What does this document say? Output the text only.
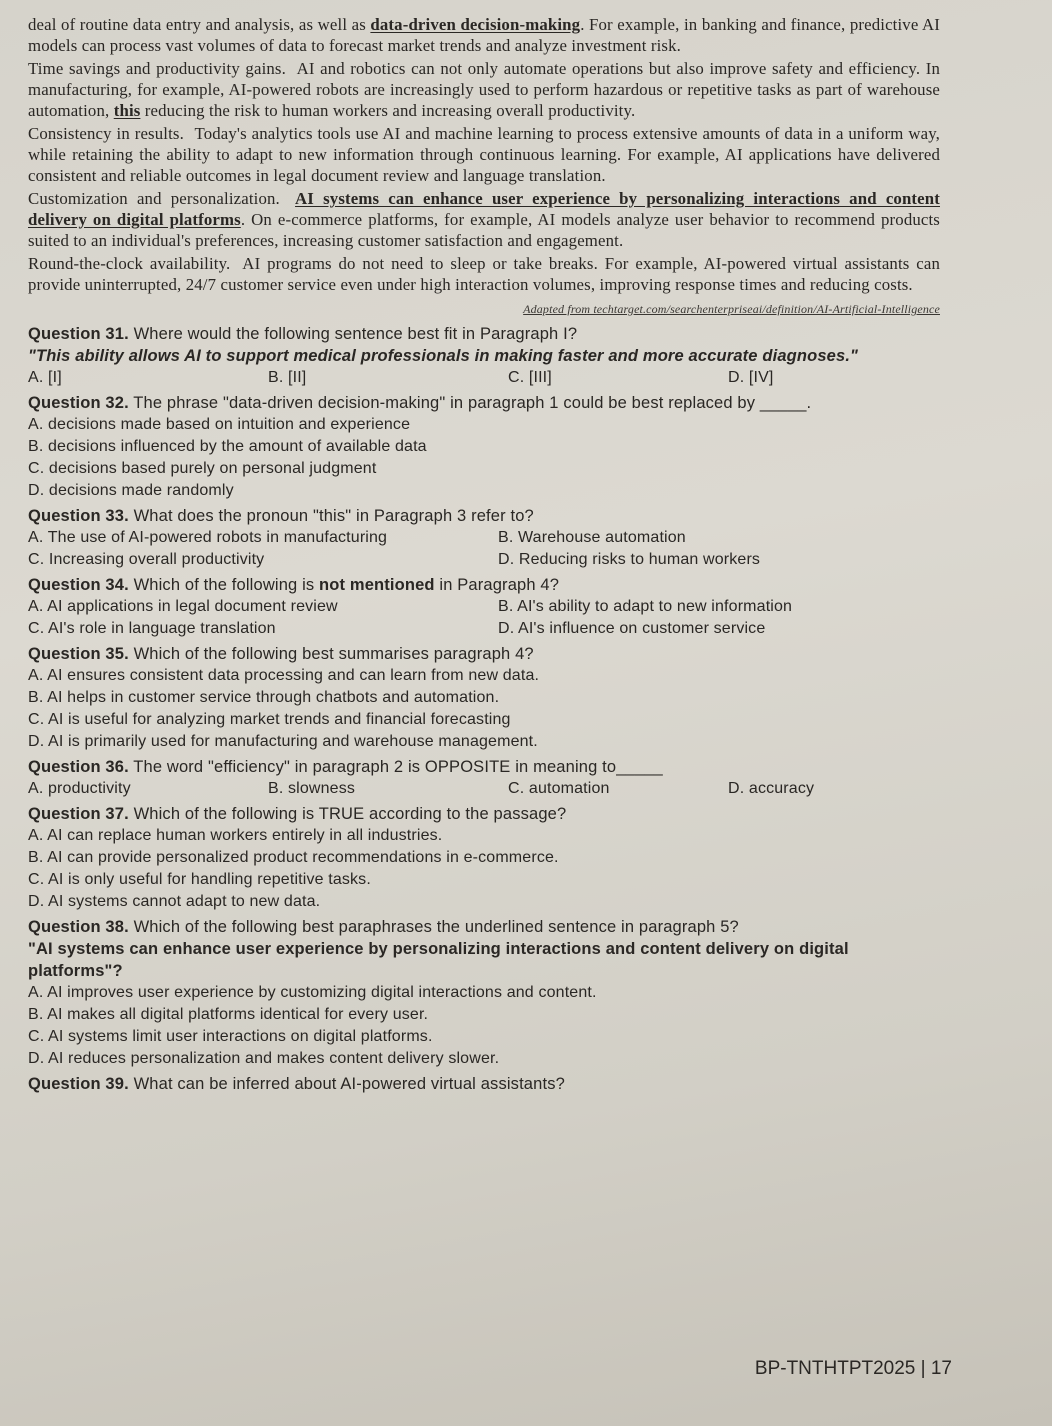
deal of routine data entry and analysis, as well as data-driven decision-making. For example, in banking and finance, predictive AI models can process vast volumes of data to forecast market trends and analyze investment risk.

Time savings and productivity gains. AI and robotics can not only automate operations but also improve safety and efficiency. In manufacturing, for example, AI-powered robots are increasingly used to perform hazardous or repetitive tasks as part of warehouse automation, this reducing the risk to human workers and increasing overall productivity.

Consistency in results. Today's analytics tools use AI and machine learning to process extensive amounts of data in a uniform way, while retaining the ability to adapt to new information through continuous learning. For example, AI applications have delivered consistent and reliable outcomes in legal document review and language translation.

Customization and personalization. AI systems can enhance user experience by personalizing interactions and content delivery on digital platforms. On e-commerce platforms, for example, AI models analyze user behavior to recommend products suited to an individual's preferences, increasing customer satisfaction and engagement.

Round-the-clock availability. AI programs do not need to sleep or take breaks. For example, AI-powered virtual assistants can provide uninterrupted, 24/7 customer service even under high interaction volumes, improving response times and reducing costs.

Adapted from techtarget.com/searchenterpriseai/definition/AI-Artificial-Intelligence
Question 31. Where would the following sentence best fit in Paragraph I?
"This ability allows AI to support medical professionals in making faster and more accurate diagnoses."
A. [I]	B. [II]	C. [III]	D. [IV]
Question 32. The phrase "data-driven decision-making" in paragraph 1 could be best replaced by _____.
A. decisions made based on intuition and experience
B. decisions influenced by the amount of available data
C. decisions based purely on personal judgment
D. decisions made randomly
Question 33. What does the pronoun "this" in Paragraph 3 refer to?
A. The use of AI-powered robots in manufacturing	B. Warehouse automation
C. Increasing overall productivity	D. Reducing risks to human workers
Question 34. Which of the following is not mentioned in Paragraph 4?
A. AI applications in legal document review	B. AI's ability to adapt to new information
C. AI's role in language translation	D. AI's influence on customer service
Question 35. Which of the following best summarises paragraph 4?
A. AI ensures consistent data processing and can learn from new data.
B. AI helps in customer service through chatbots and automation.
C. AI is useful for analyzing market trends and financial forecasting
D. AI is primarily used for manufacturing and warehouse management.
Question 36. The word "efficiency" in paragraph 2 is OPPOSITE in meaning to_____
A. productivity	B. slowness	C. automation	D. accuracy
Question 37. Which of the following is TRUE according to the passage?
A. AI can replace human workers entirely in all industries.
B. AI can provide personalized product recommendations in e-commerce.
C. AI is only useful for handling repetitive tasks.
D. AI systems cannot adapt to new data.
Question 38. Which of the following best paraphrases the underlined sentence in paragraph 5?
"AI systems can enhance user experience by personalizing interactions and content delivery on digital platforms"?
A. AI improves user experience by customizing digital interactions and content.
B. AI makes all digital platforms identical for every user.
C. AI systems limit user interactions on digital platforms.
D. AI reduces personalization and makes content delivery slower.
Question 39. What can be inferred about AI-powered virtual assistants?
BP-TNTHTPT2025 | 17
